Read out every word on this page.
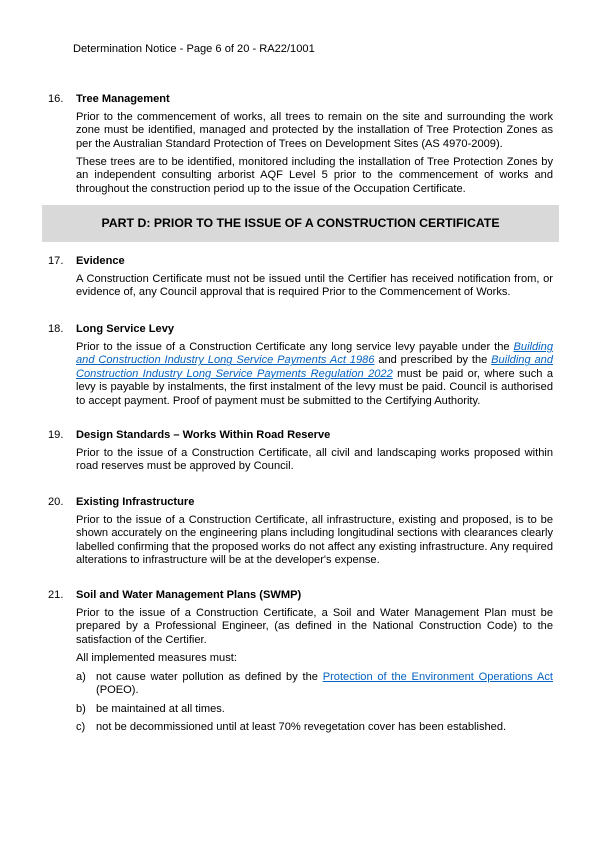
Determination Notice - Page 6 of 20 - RA22/1001
16. Tree Management

Prior to the commencement of works, all trees to remain on the site and surrounding the work zone must be identified, managed and protected by the installation of Tree Protection Zones as per the Australian Standard Protection of Trees on Development Sites (AS 4970-2009).

These trees are to be identified, monitored including the installation of Tree Protection Zones by an independent consulting arborist AQF Level 5 prior to the commencement of works and throughout the construction period up to the issue of the Occupation Certificate.

PART D: PRIOR TO THE ISSUE OF A CONSTRUCTION CERTIFICATE
17. Evidence

A Construction Certificate must not be issued until the Certifier has received notification from, or evidence of, any Council approval that is required Prior to the Commencement of Works.

18. Long Service Levy

Prior to the issue of a Construction Certificate any long service levy payable under the Building and Construction Industry Long Service Payments Act 1986 and prescribed by the Building and Construction Industry Long Service Payments Regulation 2022 must be paid or, where such a levy is payable by instalments, the first instalment of the levy must be paid. Council is authorised to accept payment. Proof of payment must be submitted to the Certifying Authority.

19. Design Standards – Works Within Road Reserve

Prior to the issue of a Construction Certificate, all civil and landscaping works proposed within road reserves must be approved by Council.

20. Existing Infrastructure

Prior to the issue of a Construction Certificate, all infrastructure, existing and proposed, is to be shown accurately on the engineering plans including longitudinal sections with clearances clearly labelled confirming that the proposed works do not affect any existing infrastructure. Any required alterations to infrastructure will be at the developer's expense.

21. Soil and Water Management Plans (SWMP)

Prior to the issue of a Construction Certificate, a Soil and Water Management Plan must be prepared by a Professional Engineer, (as defined in the National Construction Code) to the satisfaction of the Certifier.

All implemented measures must:

a) not cause water pollution as defined by the Protection of the Environment Operations Act (POEO).
b) be maintained at all times.
c) not be decommissioned until at least 70% revegetation cover has been established.
